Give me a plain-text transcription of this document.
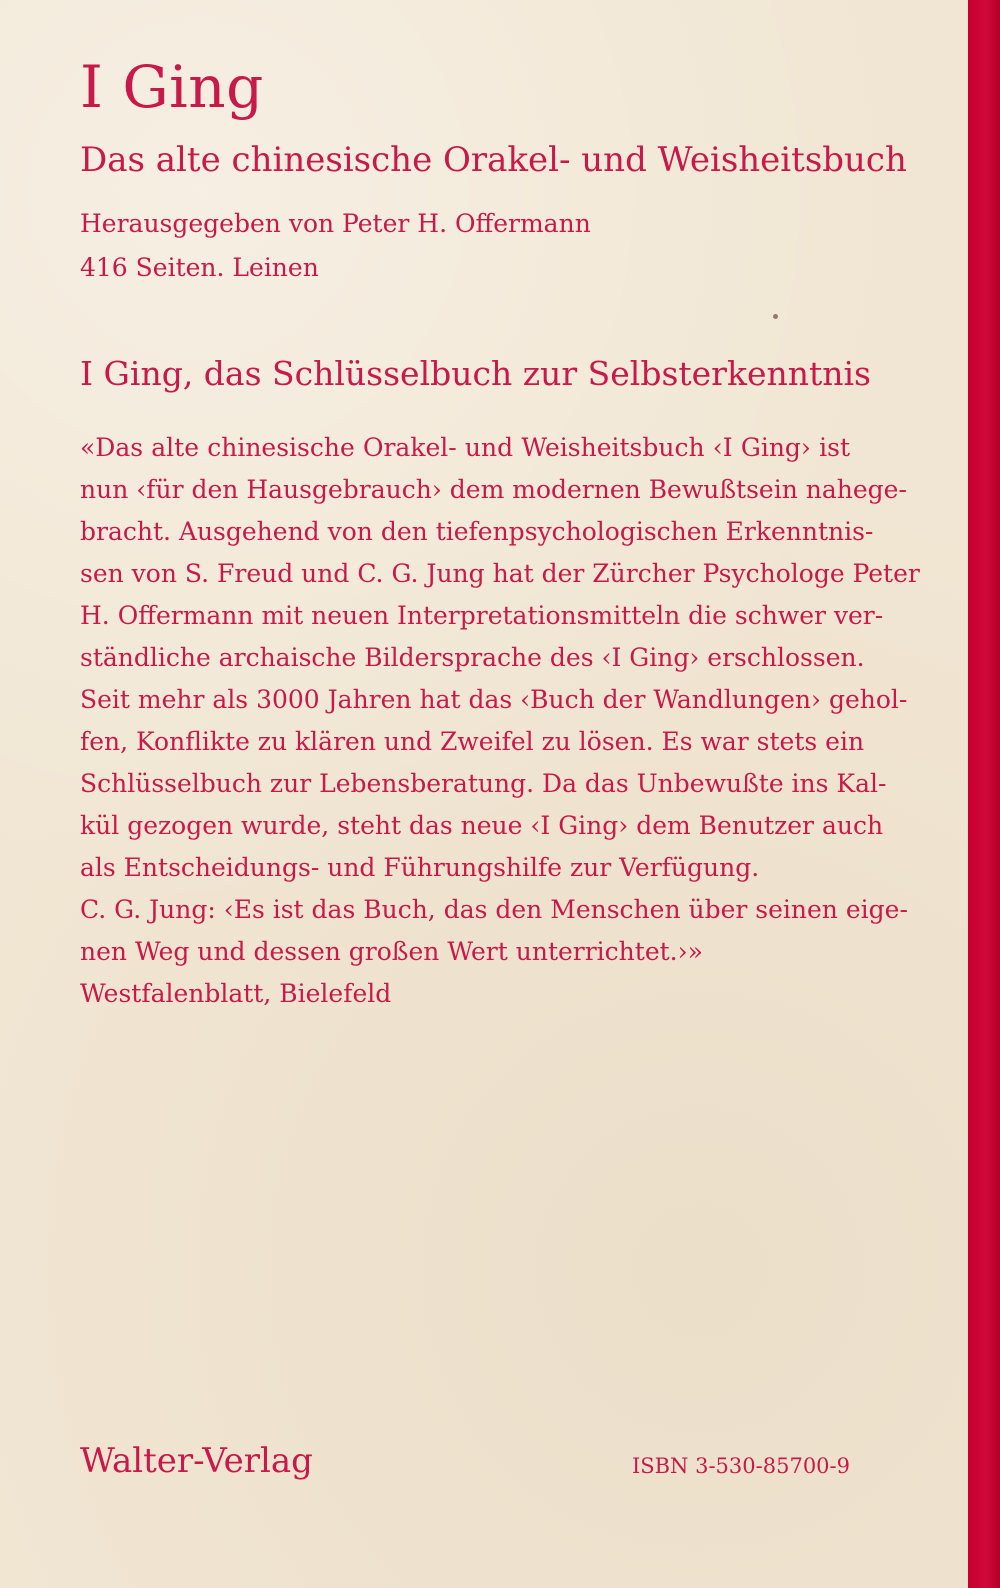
I Ging
Das alte chinesische Orakel- und Weisheitsbuch

Herausgegeben von Peter H. Offermann

416 Seiten. Leinen

I Ging, das Schlüsselbuch zur Selbsterkenntnis
«Das alte chinesische Orakel- und Weisheitsbuch ‹I Ging› ist
nun ‹für den Hausgebrauch› dem modernen Bewußtsein nahege-
bracht. Ausgehend von den tiefenpsychologischen Erkenntnis-
sen von S. Freud und C. G. Jung hat der Zürcher Psychologe Peter
H. Offermann mit neuen Interpretationsmitteln die schwer ver-
ständliche archaische Bildersprache des ‹I Ging› erschlossen.
Seit mehr als 3000 Jahren hat das ‹Buch der Wandlungen› gehol-
fen, Konflikte zu klären und Zweifel zu lösen. Es war stets ein
Schlüsselbuch zur Lebensberatung. Da das Unbewußte ins Kal-
kül gezogen wurde, steht das neue ‹I Ging› dem Benutzer auch
als Entscheidungs- und Führungshilfe zur Verfügung.
C. G. Jung: ‹Es ist das Buch, das den Menschen über seinen eige-
nen Weg und dessen großen Wert unterrichtet.›»
Westfalenblatt, Bielefeld

Walter-Verlag	ISBN 3-530-85700-9
